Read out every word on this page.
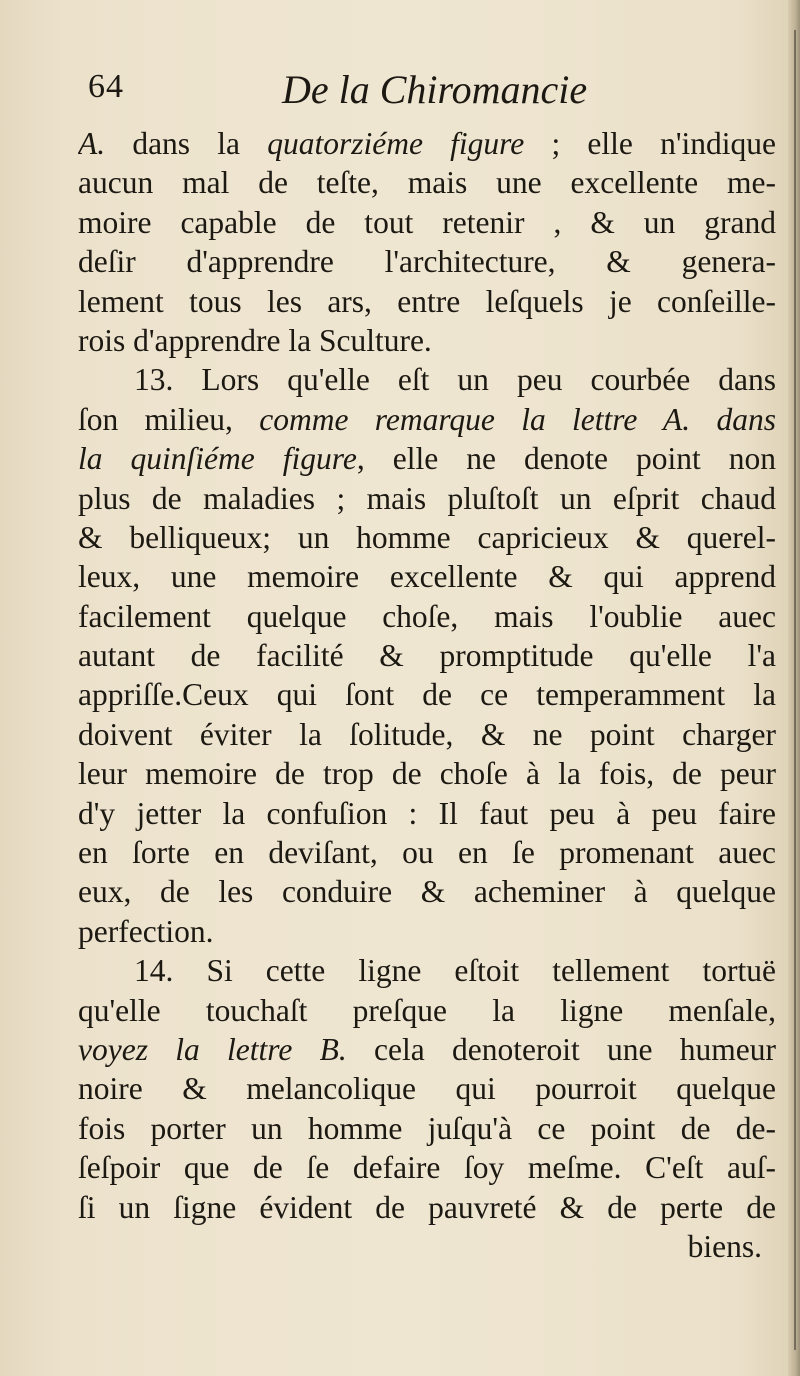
64	De la Chiromancie
A. dans la quatorziéme figure ; elle n'indique
aucun mal de teſte, mais une excellente me-
moire capable de tout retenir , & un grand
deſir d'apprendre l'architecture, & genera-
lement tous les ars, entre leſquels je conſeille-
rois d'apprendre la Sculture.
13. Lors qu'elle eſt un peu courbée dans
ſon milieu, comme remarque la lettre A. dans
la quinſiéme figure, elle ne denote point non
plus de maladies ; mais pluſtoſt un eſprit chaud
& belliqueux; un homme capricieux & querel-
leux, une memoire excellente & qui apprend
facilement quelque choſe, mais l'oublie auec
autant de facilité & promptitude qu'elle l'a
appriſſe.Ceux qui ſont de ce temperamment la
doivent éviter la ſolitude, & ne point charger
leur memoire de trop de choſe à la fois, de peur
d'y jetter la confuſion : Il faut peu à peu faire
en ſorte en deviſant, ou en ſe promenant auec
eux, de les conduire & acheminer à quelque
perfection.
14. Si cette ligne eſtoit tellement tortuë
qu'elle touchaſt preſque la ligne menſale,
voyez la lettre B. cela denoteroit une humeur
noire & melancolique qui pourroit quelque
fois porter un homme juſqu'à ce point de de-
ſeſpoir que de ſe defaire ſoy meſme. C'eſt auſ-
ſi un ſigne évident de pauvreté & de perte de
biens.
